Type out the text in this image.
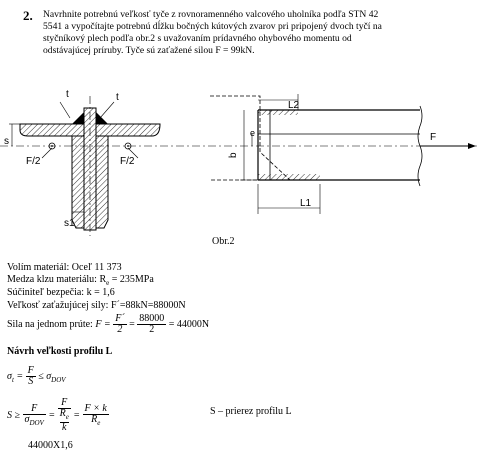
2. Navrhnite potrebnú veľkosť tyče z rovnoramenného valcového uholníka podľa STN 42
5541 a vypočítajte potrebnú dĺžku bočných kútových zvarov pri pripojený dvoch tyčí na
styčníkový plech podľa obr.2 s uvažovaním prídavného ohybového momentu od
odstávajúcej príruby. Tyče sú zaťažené silou F = 99kN.
t	t
s
F/2	F/2
s1
L2
L1
b
e	F
Obr.2
Volím materiál: Oceľ 11 373
Medza klzu materiálu: $R_e = 235MPa$
Súčiniteľ bezpečia: k = 1,6
Veľkosť zaťažujúcej sily: F´=88kN=88000N
Sila na jednom prúte: $F = \frac{F´}{2} = \frac{88000}{2} = 44000N$
Návrh veľkosti profilu L
$\sigma_t = \frac{F}{S} \le \sigma_{DOV}$
$S \ge \frac{F}{\sigma_{DOV}} = F$
$R_e$
$k = \frac{F \times k}{R_e}$	S – prierez profilu L
44000X1,6
